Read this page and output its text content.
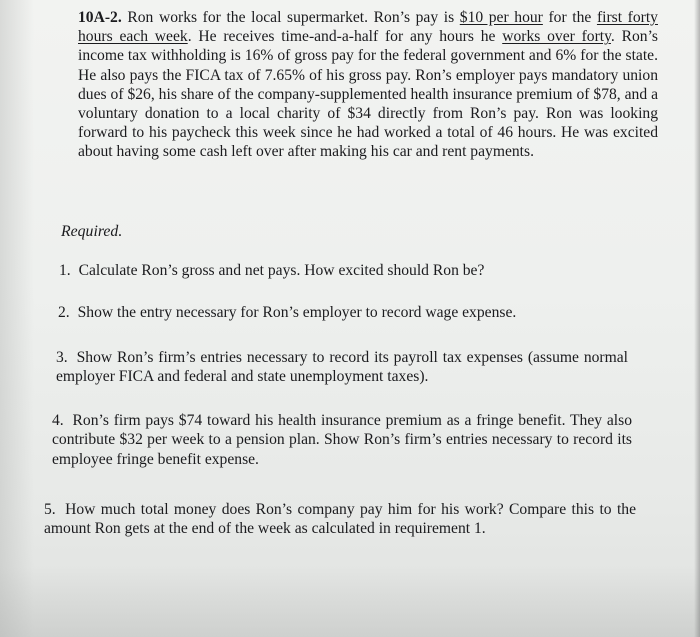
10A-2. Ron works for the local supermarket. Ron’s pay is $10 per hour for the first forty hours each week. He receives time-and-a-half for any hours he works over forty. Ron’s income tax withholding is 16% of gross pay for the federal government and 6% for the state. He also pays the FICA tax of 7.65% of his gross pay. Ron’s employer pays mandatory union dues of $26, his share of the company-supplemented health insurance premium of $78, and a voluntary donation to a local charity of $34 directly from Ron’s pay. Ron was looking forward to his paycheck this week since he had worked a total of 46 hours. He was excited about having some cash left over after making his car and rent payments.
Required.
1. Calculate Ron’s gross and net pays. How excited should Ron be?
2. Show the entry necessary for Ron’s employer to record wage expense.
3. Show Ron’s firm’s entries necessary to record its payroll tax expenses (assume normal employer FICA and federal and state unemployment taxes).
4. Ron’s firm pays $74 toward his health insurance premium as a fringe benefit. They also contribute $32 per week to a pension plan. Show Ron’s firm’s entries necessary to record its employee fringe benefit expense.
5. How much total money does Ron’s company pay him for his work? Compare this to the amount Ron gets at the end of the week as calculated in requirement 1.
